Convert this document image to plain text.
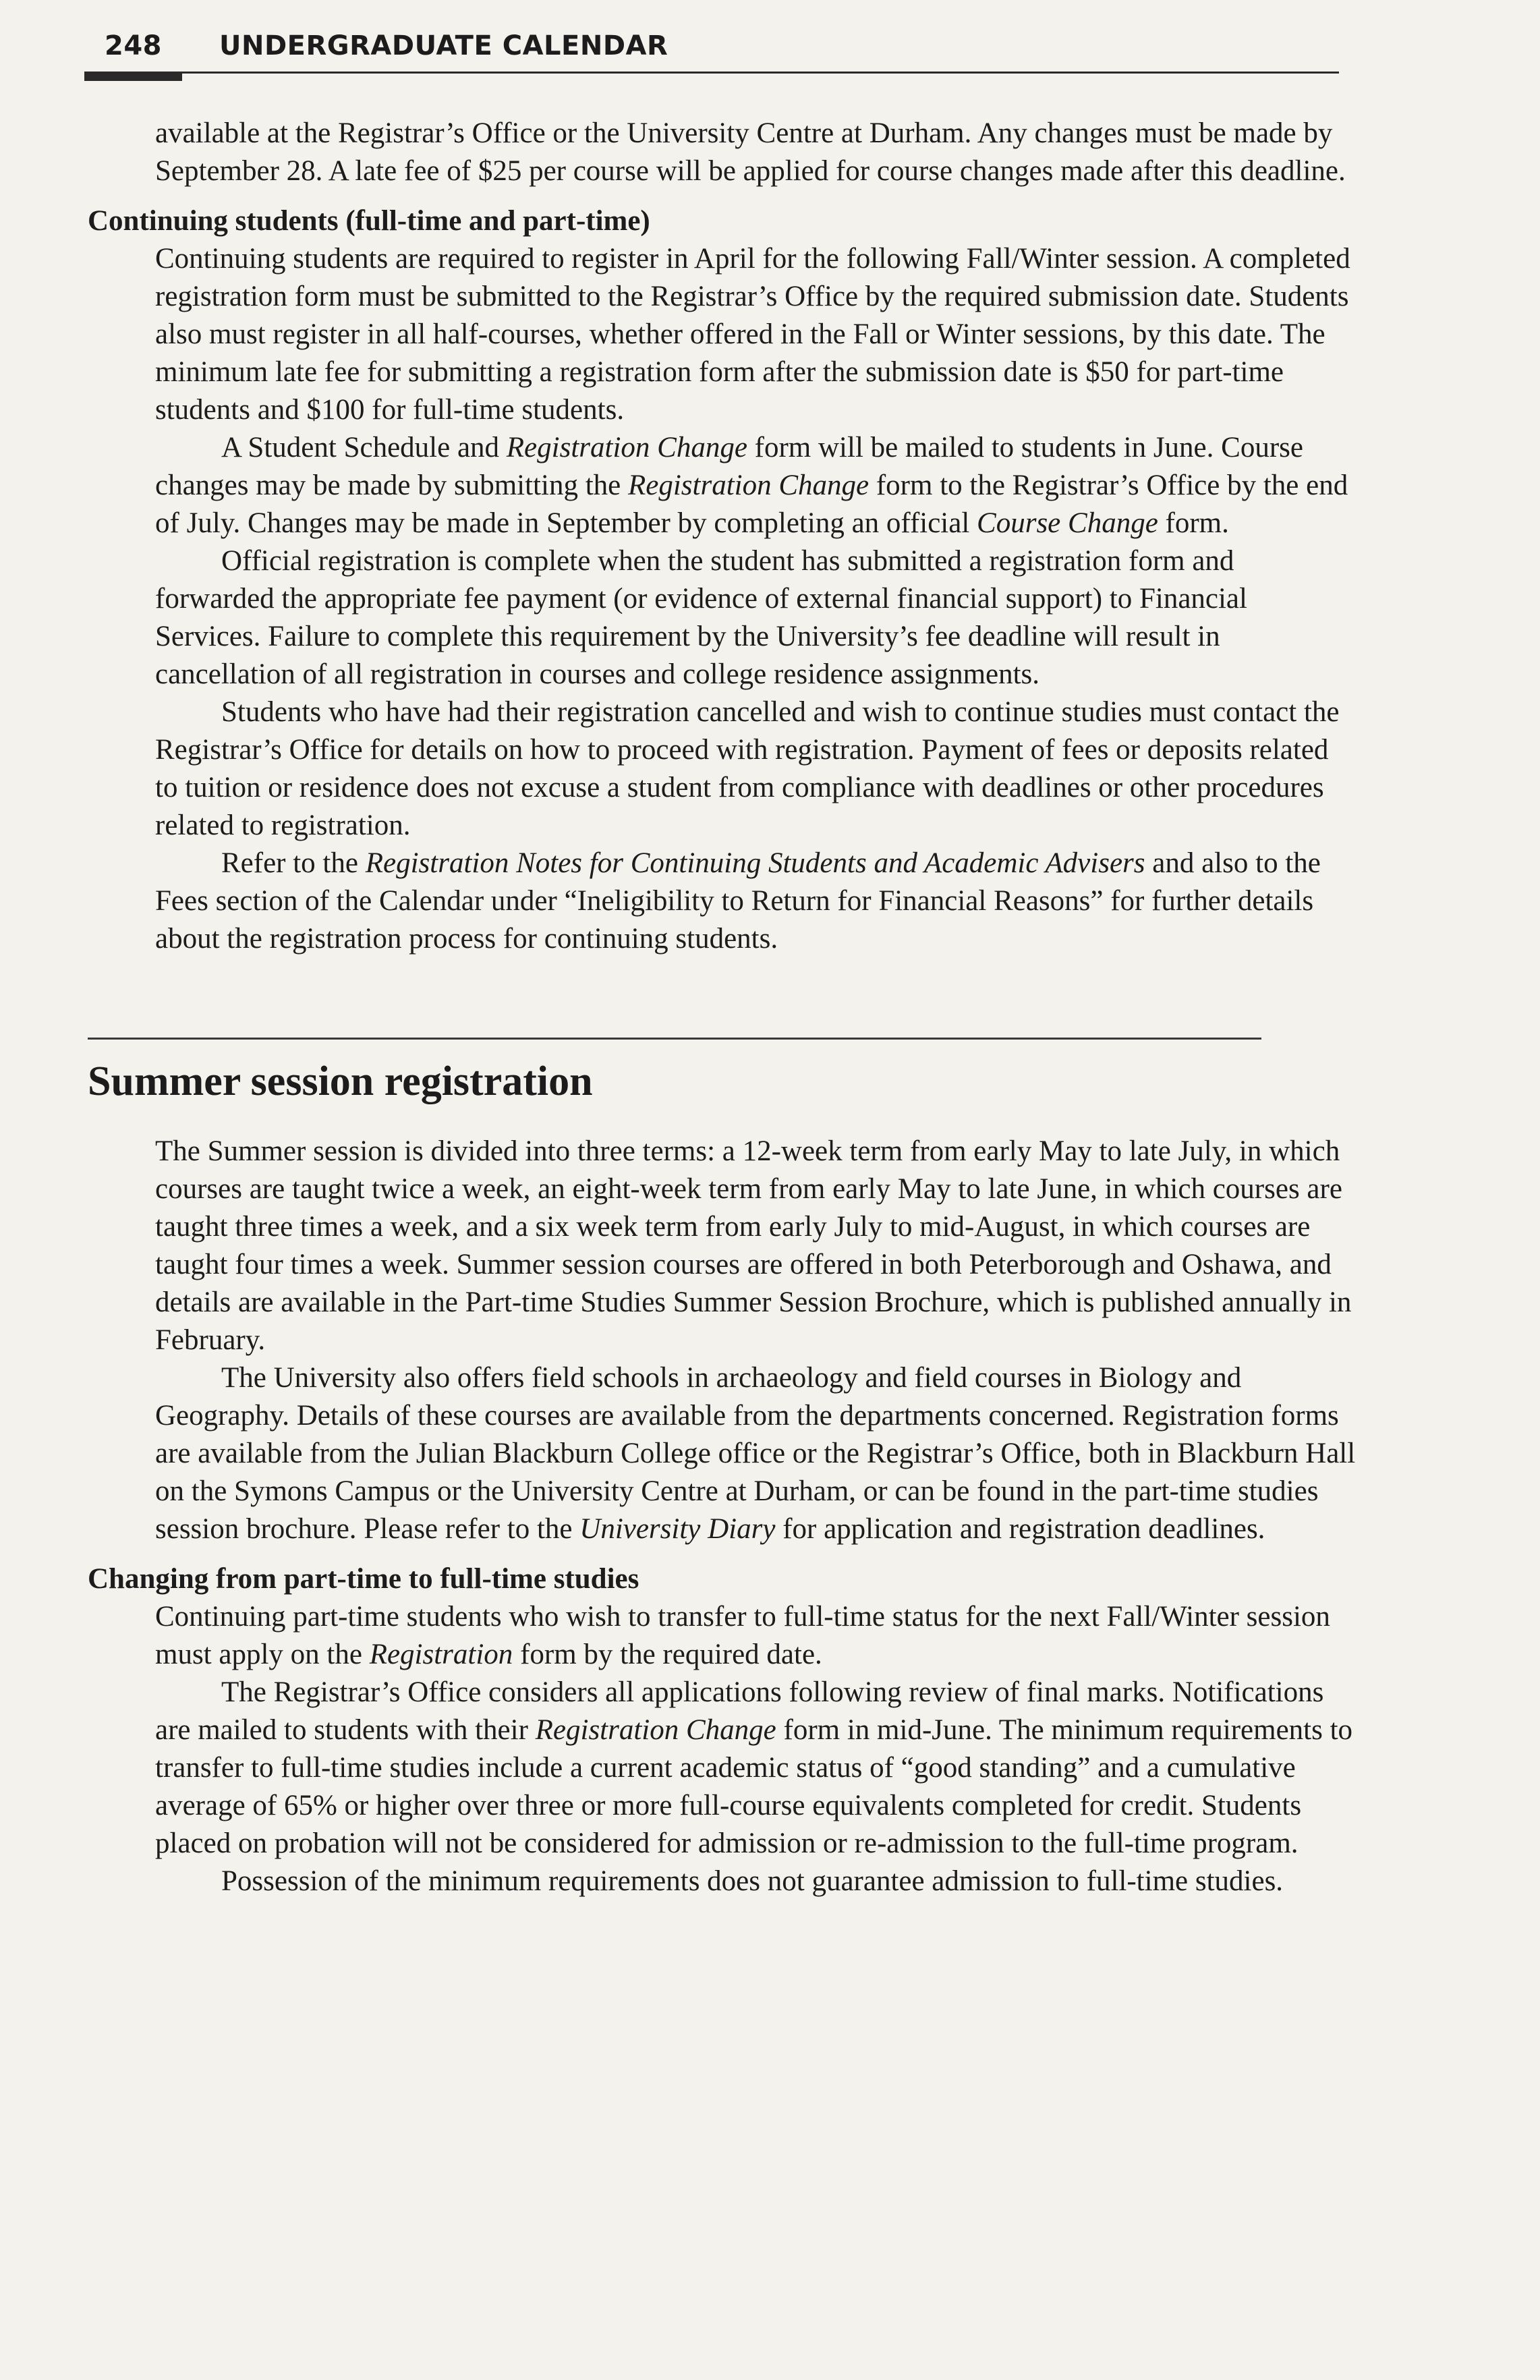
248 UNDERGRADUATE CALENDAR

available at the Registrar’s Office or the University Centre at Durham. Any changes must be made by September 28. A late fee of $25 per course will be applied for course changes made after this deadline.

Continuing students (full-time and part-time)

Continuing students are required to register in April for the following Fall/Winter session. A completed registration form must be submitted to the Registrar’s Office by the required submission date. Students also must register in all half-courses, whether offered in the Fall or Winter sessions, by this date. The minimum late fee for submitting a registration form after the submission date is $50 for part-time students and $100 for full-time students.

A Student Schedule and Registration Change form will be mailed to students in June. Course changes may be made by submitting the Registration Change form to the Registrar’s Office by the end of July. Changes may be made in September by completing an official Course Change form.

Official registration is complete when the student has submitted a registration form and forwarded the appropriate fee payment (or evidence of external financial support) to Financial Services. Failure to complete this requirement by the University’s fee deadline will result in cancellation of all registration in courses and college residence assignments.

Students who have had their registration cancelled and wish to continue studies must contact the Registrar’s Office for details on how to proceed with registration. Payment of fees or deposits related to tuition or residence does not excuse a student from compliance with deadlines or other procedures related to registration.

Refer to the Registration Notes for Continuing Students and Academic Advisers and also to the Fees section of the Calendar under “Ineligibility to Return for Financial Reasons” for further details about the registration process for continuing students.

Summer session registration

The Summer session is divided into three terms: a 12-week term from early May to late July, in which courses are taught twice a week, an eight-week term from early May to late June, in which courses are taught three times a week, and a six week term from early July to mid-August, in which courses are taught four times a week. Summer session courses are offered in both Peterborough and Oshawa, and details are available in the Part-time Studies Summer Session Brochure, which is published annually in February.

The University also offers field schools in archaeology and field courses in Biology and Geography. Details of these courses are available from the departments concerned. Registration forms are available from the Julian Blackburn College office or the Registrar’s Office, both in Blackburn Hall on the Symons Campus or the University Centre at Durham, or can be found in the part-time studies session brochure. Please refer to the University Diary for application and registration deadlines.

Changing from part-time to full-time studies

Continuing part-time students who wish to transfer to full-time status for the next Fall/Winter session must apply on the Registration form by the required date.

The Registrar’s Office considers all applications following review of final marks. Notifications are mailed to students with their Registration Change form in mid-June. The minimum requirements to transfer to full-time studies include a current academic status of “good standing” and a cumulative average of 65% or higher over three or more full-course equivalents completed for credit. Students placed on probation will not be considered for admission or re-admission to the full-time program.

Possession of the minimum requirements does not guarantee admission to full-time studies.
